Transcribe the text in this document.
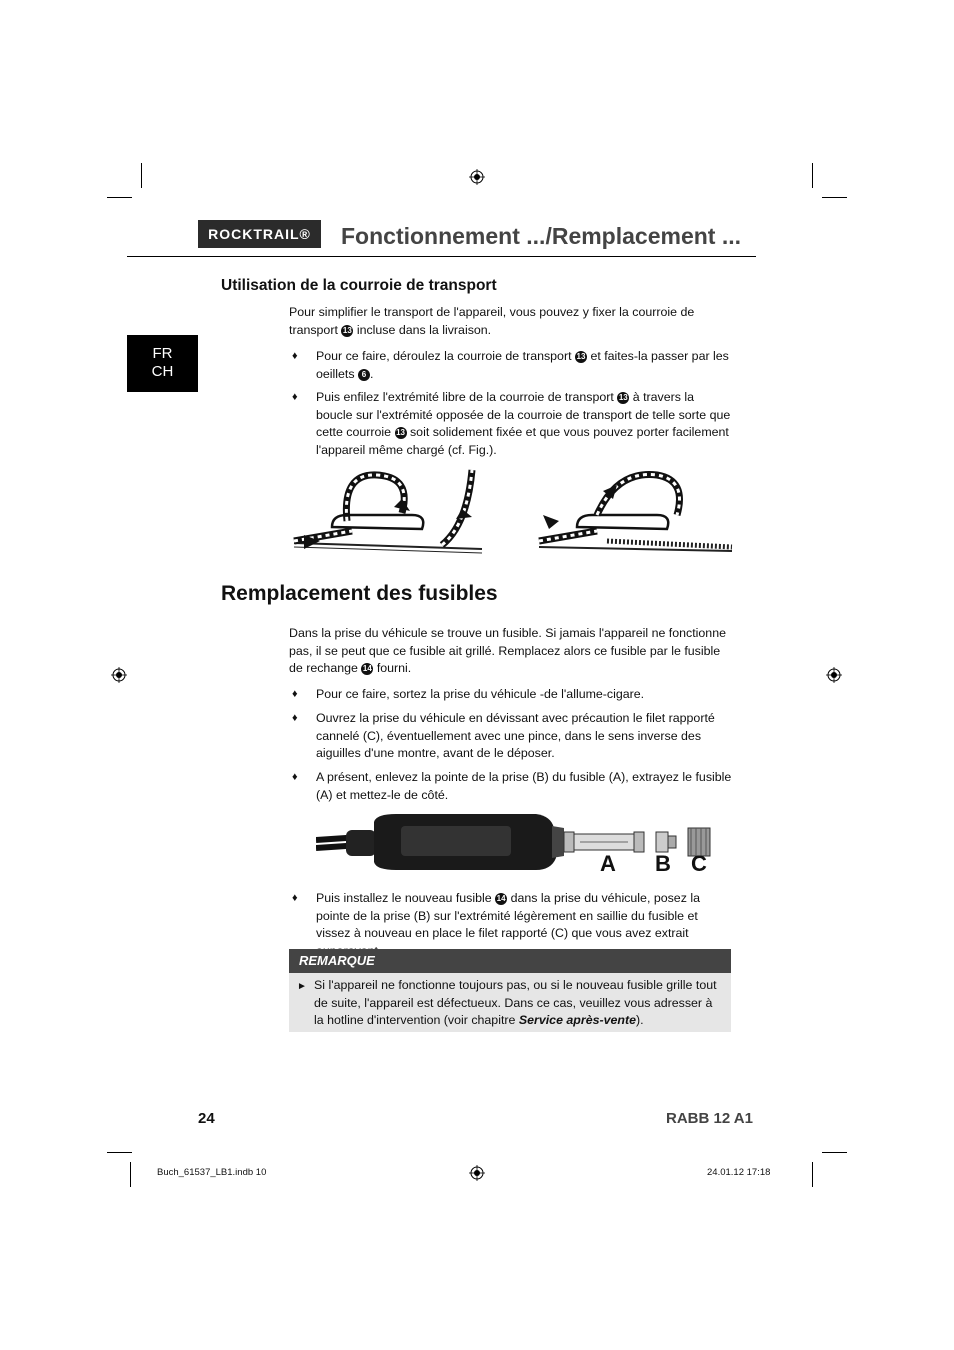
ROCKTRAIL®	Fonctionnement .../Remplacement ...
FR
CH
Utilisation de la courroie de transport
Pour simplifier le transport de l'appareil, vous pouvez y fixer la courroie de transport 13 incluse dans la livraison.
♦ Pour ce faire, déroulez la courroie de transport 13 et faites-la passer par les oeillets 6 .
♦ Puis enfilez l'extrémité libre de la courroie de transport 13 à travers la boucle sur l'extrémité opposée de la courroie de transport de telle sorte que cette courroie 13 soit solidement fixée et que vous pouvez porter facilement l'appareil même chargé (cf. Fig.).
Remplacement des fusibles
Dans la prise du véhicule se trouve un fusible. Si jamais l'appareil ne fonctionne pas, il se peut que ce fusible ait grillé. Remplacez alors ce fusible par le fusible de rechange 14 fourni.
♦ Pour ce faire, sortez la prise du véhicule -de l'allume-cigare.
♦ Ouvrez la prise du véhicule en dévissant avec précaution le filet rapporté cannelé (C), éventuellement avec une pince, dans le sens inverse des aiguilles d'une montre, avant de le déposer.
♦ A présent, enlevez la pointe de la prise (B) du fusible (A), extrayez le fusible (A) et mettez-le de côté.
A B C
♦ Puis installez le nouveau fusible 14 dans la prise du véhicule, posez la pointe de la prise (B) sur l'extrémité légèrement en saillie du fusible et vissez à nouveau en place le filet rapporté (C) que vous avez extrait
REMARQUE
► Si l'appareil ne fonctionne toujours pas, ou si le nouveau fusible grille tout de suite, l'appareil est défectueux. Dans ce cas, veuillez vous adresser à la hotline d'intervention (voir chapitre Service après-vente).
24	RABB 12 A1
Buch_61537_LB1.indb 10	24.01.12 17:18
